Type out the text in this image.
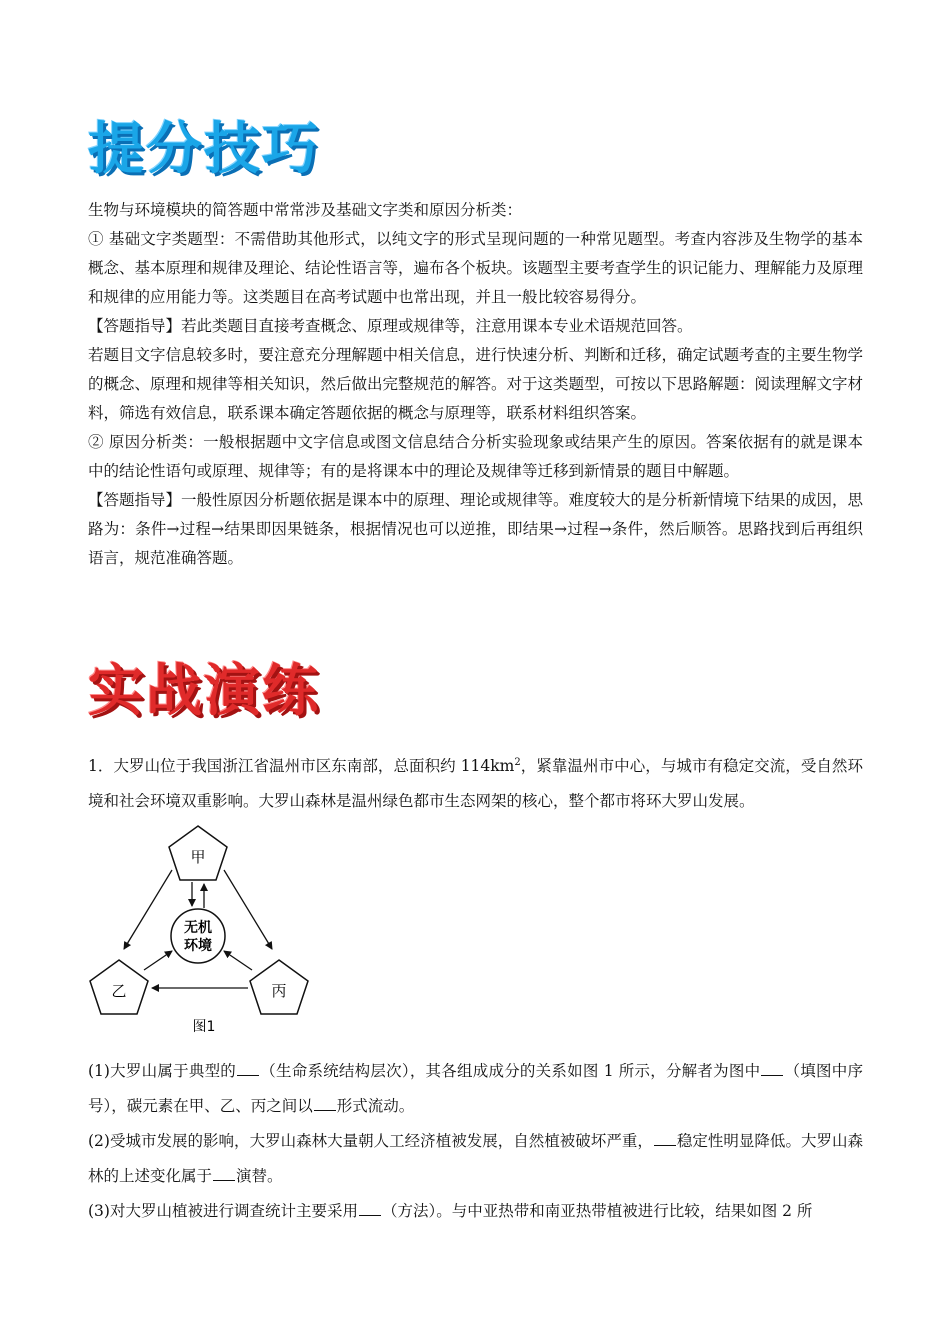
提分技巧

生物与环境模块的简答题中常常涉及基础文字类和原因分析类：

① 基础文字类题型：不需借助其他形式，以纯文字的形式呈现问题的一种常见题型。考查内容涉及生物学的基本概念、基本原理和规律及理论、结论性语言等，遍布各个板块。该题型主要考查学生的识记能力、理解能力及原理和规律的应用能力等。这类题目在高考试题中也常出现，并且一般比较容易得分。

【答题指导】若此类题目直接考查概念、原理或规律等，注意用课本专业术语规范回答。

若题目文字信息较多时，要注意充分理解题中相关信息，进行快速分析、判断和迁移，确定试题考查的主要生物学的概念、原理和规律等相关知识，然后做出完整规范的解答。对于这类题型，可按以下思路解题：阅读理解文字材料，筛选有效信息，联系课本确定答题依据的概念与原理等，联系材料组织答案。

② 原因分析类：一般根据题中文字信息或图文信息结合分析实验现象或结果产生的原因。答案依据有的就是课本中的结论性语句或原理、规律等；有的是将课本中的理论及规律等迁移到新情景的题目中解题。

【答题指导】一般性原因分析题依据是课本中的原理、理论或规律等。难度较大的是分析新情境下结果的成因，思路为：条件→过程→结果即因果链条，根据情况也可以逆推，即结果→过程→条件，然后顺答。思路找到后再组织语言，规范准确答题。

实战演练

1．大罗山位于我国浙江省温州市区东南部，总面积约 $114km^2$，紧靠温州市中心，与城市有稳定交流，受自然环境和社会环境双重影响。大罗山森林是温州绿色都市生态网架的核心，整个都市将环大罗山发展。

甲
乙	丙
无机
环境
图1

(1)大罗山属于典型的 （生命系统结构层次），其各组成成分的关系如图 1 所示，分解者为图中 （填图中序号），碳元素在甲、乙、丙之间以 形式流动。

(2)受城市发展的影响，大罗山森林大量朝人工经济植被发展，自然植被破坏严重， 稳定性明显降低。大罗山森林的上述变化属于 演替。

(3)对大罗山植被进行调查统计主要采用 （方法）。与中亚热带和南亚热带植被进行比较，结果如图 2 所
